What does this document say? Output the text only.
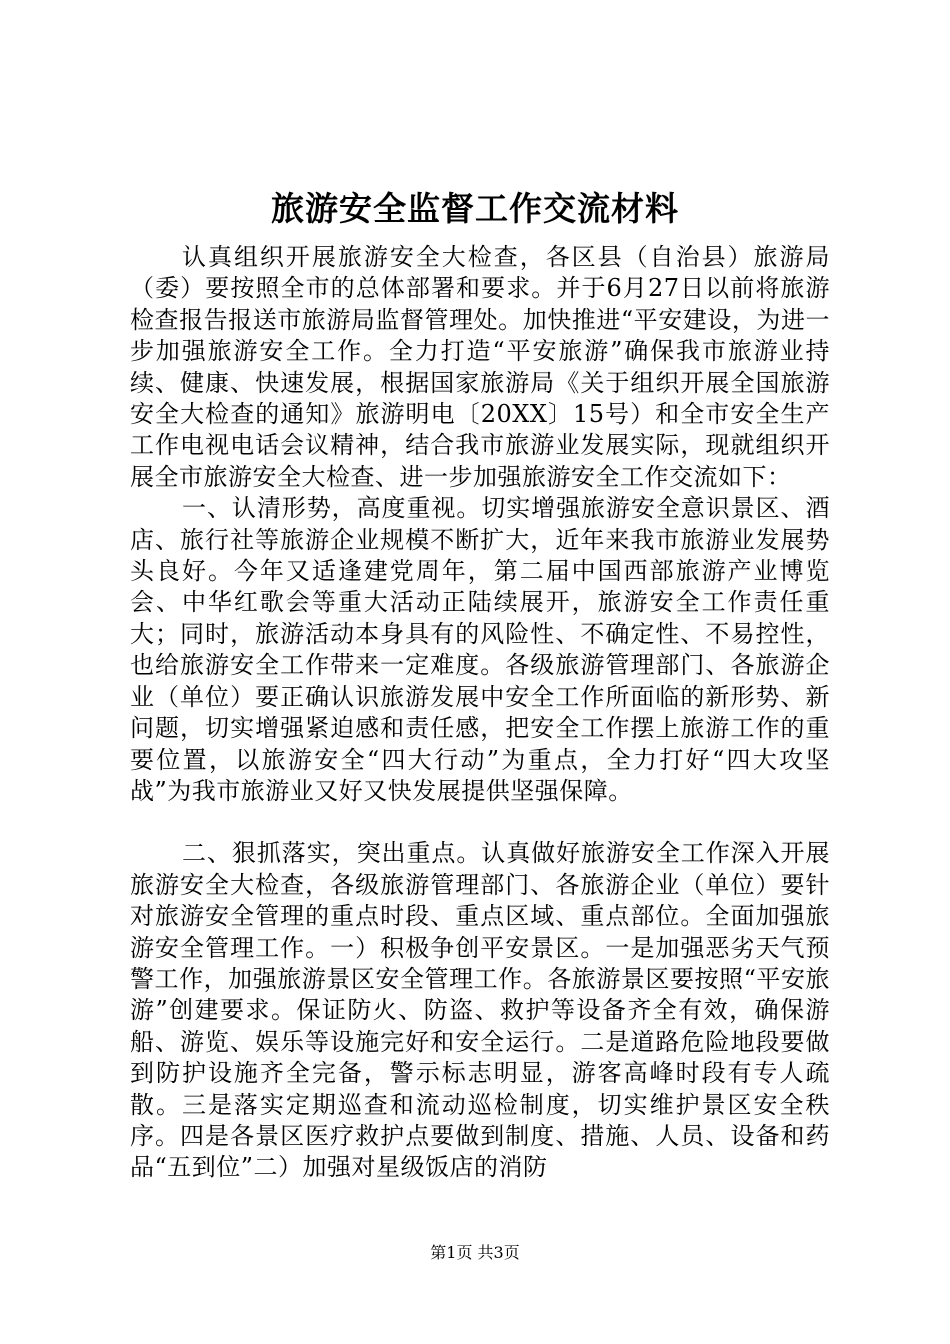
旅游安全监督工作交流材料

认真组织开展旅游安全大检查，各区县（自治县）旅游局（委）要按照全市的总体部署和要求。并于6月27日以前将旅游检查报告报送市旅游局监督管理处。加快推进“平安建设，为进一步加强旅游安全工作。全力打造“平安旅游”确保我市旅游业持续、健康、快速发展，根据国家旅游局《关于组织开展全国旅游安全大检查的通知》旅游明电〔20XX〕15号）和全市安全生产工作电视电话会议精神，结合我市旅游业发展实际，现就组织开展全市旅游安全大检查、进一步加强旅游安全工作交流如下：

一、认清形势，高度重视。切实增强旅游安全意识景区、酒店、旅行社等旅游企业规模不断扩大，近年来我市旅游业发展势头良好。今年又适逢建党周年，第二届中国西部旅游产业博览会、中华红歌会等重大活动正陆续展开，旅游安全工作责任重大；同时，旅游活动本身具有的风险性、不确定性、不易控性，也给旅游安全工作带来一定难度。各级旅游管理部门、各旅游企业（单位）要正确认识旅游发展中安全工作所面临的新形势、新问题，切实增强紧迫感和责任感，把安全工作摆上旅游工作的重要位置，以旅游安全“四大行动”为重点，全力打好“四大攻坚战”为我市旅游业又好又快发展提供坚强保障。

二、狠抓落实，突出重点。认真做好旅游安全工作深入开展旅游安全大检查，各级旅游管理部门、各旅游企业（单位）要针对旅游安全管理的重点时段、重点区域、重点部位。全面加强旅游安全管理工作。一）积极争创平安景区。一是加强恶劣天气预警工作，加强旅游景区安全管理工作。各旅游景区要按照“平安旅游”创建要求。保证防火、防盗、救护等设备齐全有效，确保游船、游览、娱乐等设施完好和安全运行。二是道路危险地段要做到防护设施齐全完备，警示标志明显，游客高峰时段有专人疏散。三是落实定期巡查和流动巡检制度，切实维护景区安全秩序。四是各景区医疗救护点要做到制度、措施、人员、设备和药品“五到位”二）加强对星级饭店的消防

第1页 共3页
